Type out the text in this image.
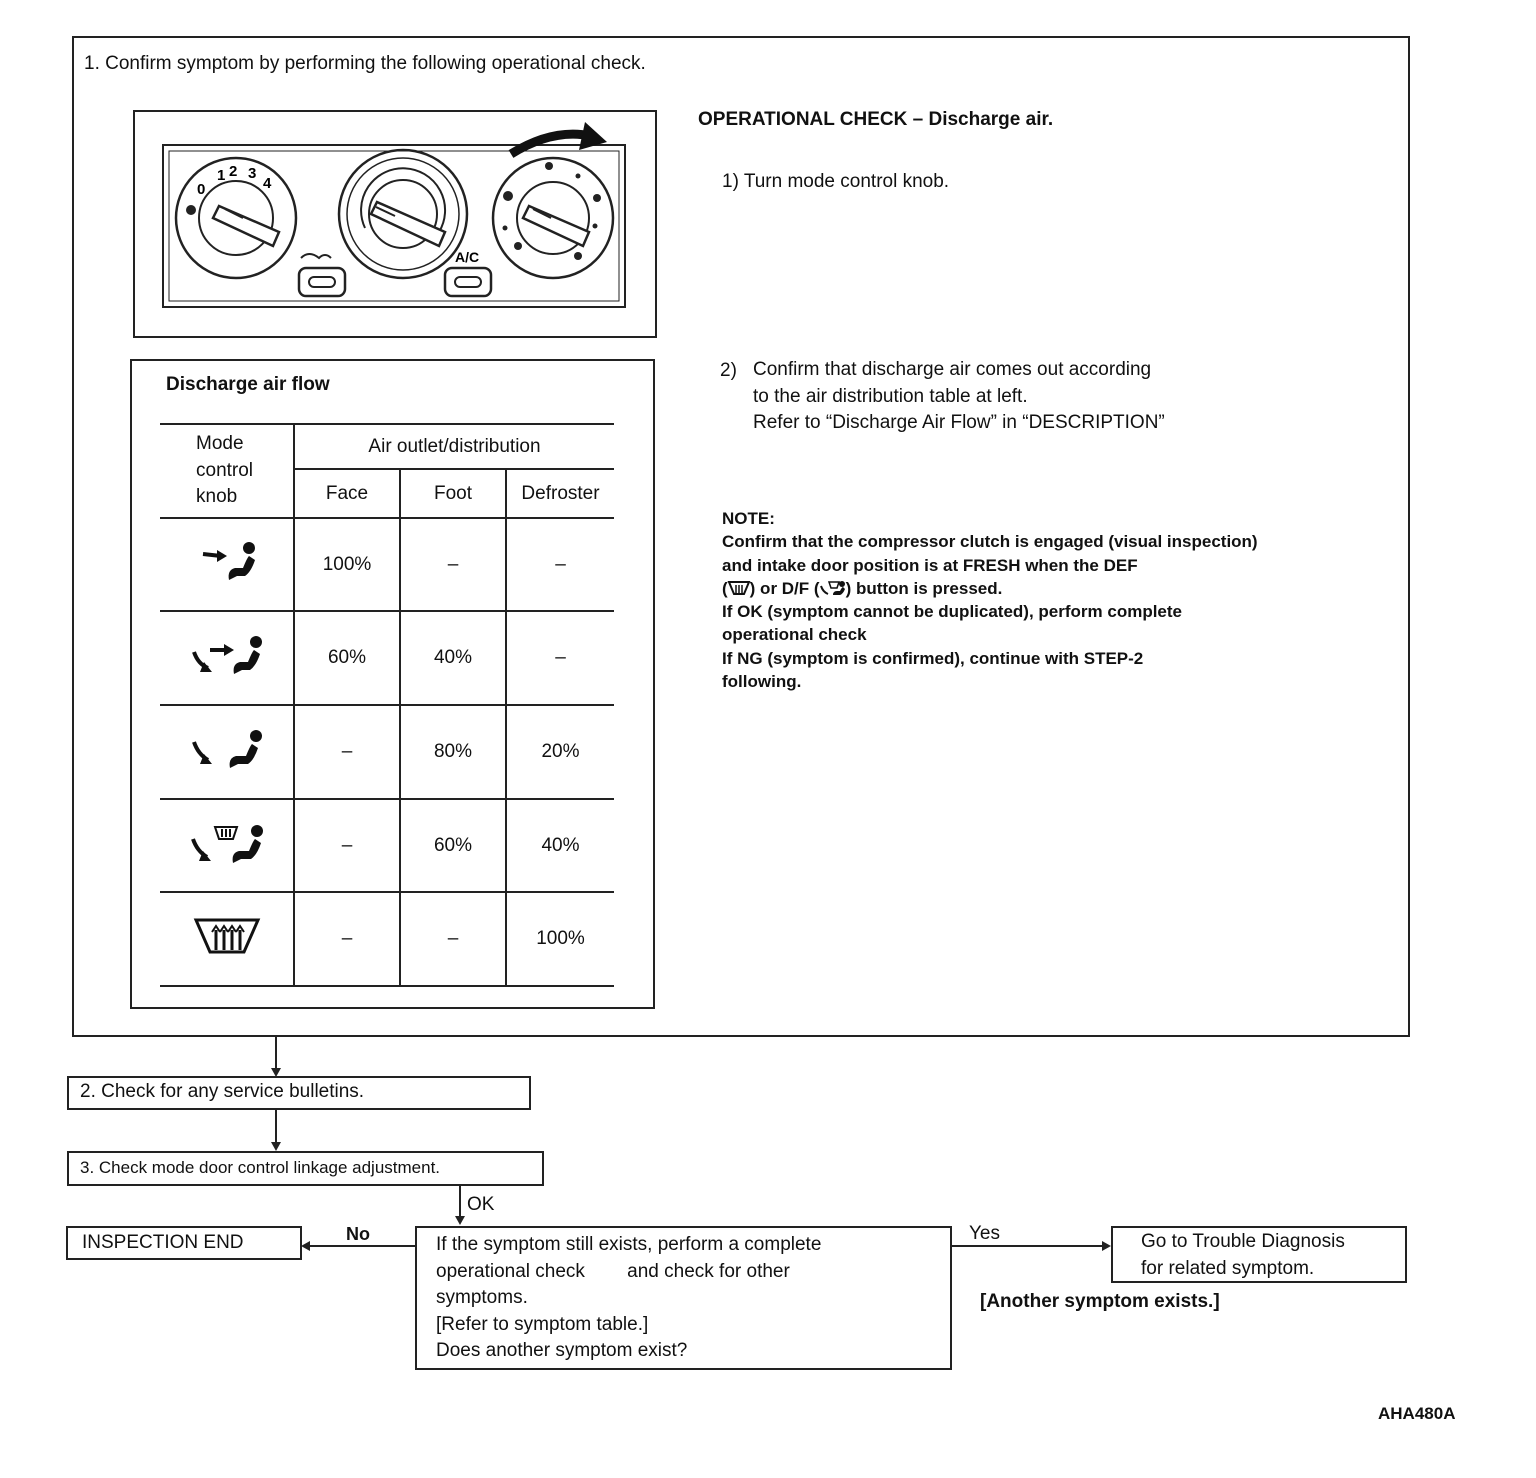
1. Confirm symptom by performing the following operational check.
A/C
0
1 2 3
4
Discharge air flow
Mode
control
knob	Air outlet/distribution		
	Face	Foot	Defroster
	100%	–	–
	60%	40%	–
	–	80%	20%
	–	60%	40%
	–	–	100%
OPERATIONAL CHECK – Discharge air.
1) Turn mode control knob.
2) Confirm that discharge air comes out according
to the air distribution table at left.
Refer to “Discharge Air Flow” in “DESCRIPTION”
NOTE:
Confirm that the compressor clutch is engaged (visual inspection)
and intake door position is at FRESH when the DEF
( ) or D/F ( ) button is pressed.
If OK (symptom cannot be duplicated), perform complete
operational check
If NG (symptom is confirmed), continue with STEP-2
following.
2. Check for any service bulletins.
3. Check mode door control linkage adjustment.
OK
If the symptom still exists, perform a complete
operational check        and check for other
symptoms.
[Refer to symptom table.]
Does another symptom exist?
No	Yes
INSPECTION END	Go to Trouble Diagnosis
for related symptom.
[Another symptom exists.]
AHA480A
